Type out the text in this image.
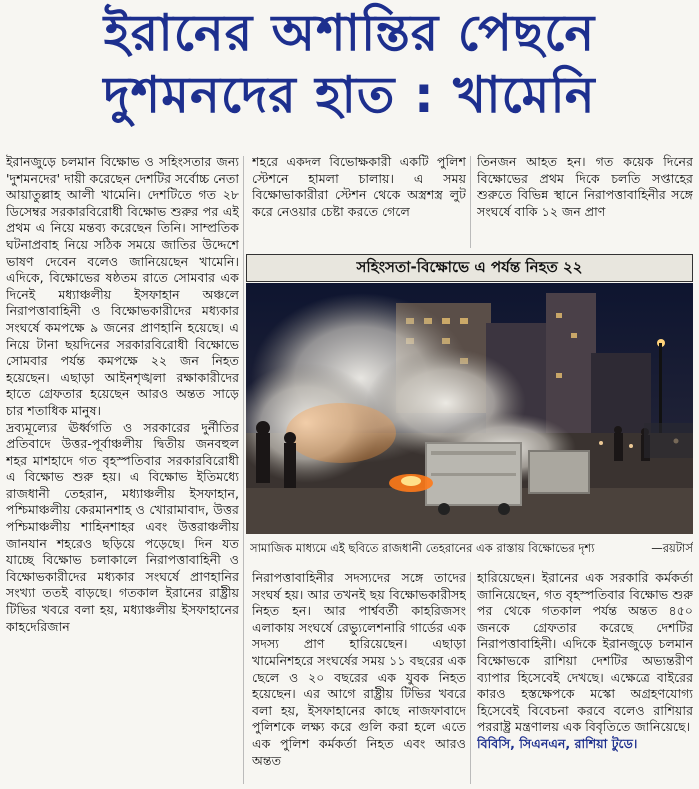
ইরানের অশান্তির পেছনে
দুশমনদের হাত : খামেনি

ইরানজুড়ে চলমান বিক্ষোভ ও সহিংসতার জন্য 'দুশমনদের' দায়ী করেছেন দেশটির সর্বোচ্চ নেতা আয়াতুল্লাহ আলী খামেনি। দেশটিতে গত ২৮ ডিসেম্বর সরকারবিরোধী বিক্ষোভ শুরুর পর এই প্রথম এ নিয়ে মন্তব্য করেছেন তিনি। সাম্প্রতিক ঘটনাপ্রবাহ নিয়ে সঠিক সময়ে জাতির উদ্দেশে ভাষণ দেবেন বলেও জানিয়েছেন খামেনি। এদিকে, বিক্ষোভের ষষ্ঠতম রাতে সোমবার এক দিনেই মধ্যাঞ্চলীয় ইসফাহান অঞ্চলে নিরাপত্তাবাহিনী ও বিক্ষোভকারীদের মধ্যকার সংঘর্ষে কমপক্ষে ৯ জনের প্রাণহানি হয়েছে। এ নিয়ে টানা ছয়দিনের সরকারবিরোধী বিক্ষোভে সোমবার পর্যন্ত কমপক্ষে ২২ জন নিহত হয়েছেন। এছাড়া আইনশৃঙ্খলা রক্ষাকারীদের হাতে গ্রেফতার হয়েছেন আরও অন্তত সাড়ে চার শতাধিক মানুষ।

দ্রব্যমূল্যের ঊর্ধ্বগতি ও সরকারের দুর্নীতির প্রতিবাদে উত্তর-পূর্বাঞ্চলীয় দ্বিতীয় জনবহুল শহর মাশহাদে গত বৃহস্পতিবার সরকারবিরোধী এ বিক্ষোভ শুরু হয়। এ বিক্ষোভ ইতিমধ্যে রাজধানী তেহরান, মধ্যাঞ্চলীয় ইসফাহান, পশ্চিমাঞ্চলীয় কেরমানশাহ ও খোরামাবাদ, উত্তর পশ্চিমাঞ্চলীয় শাহিনশাহর এবং উত্তরাঞ্চলীয় জানযান শহরেও ছড়িয়ে পড়েছে। দিন যত যাচ্ছে বিক্ষোভ চলাকালে নিরাপত্তাবাহিনী ও বিক্ষোভকারীদের মধ্যকার সংঘর্ষে প্রাণহানির সংখ্যা ততই বাড়ছে। গতকাল ইরানের রাষ্ট্রীয় টিভির খবরে বলা হয়, মধ্যাঞ্চলীয় ইসফাহানের কাহদেরিজান

শহরে একদল বিভোক্ষকারী একটি পুলিশ স্টেশনে হামলা চালায়। এ সময় বিক্ষোভাকারীরা স্টেশন থেকে অস্ত্রশস্ত্র লুট করে নেওয়ার চেষ্টা করতে গেলে

তিনজন আহত হন। গত কয়েক দিনের বিক্ষোভের প্রথম দিকে চলতি সপ্তাহের শুরুতে বিভিন্ন স্থানে নিরাপত্তাবাহিনীর সঙ্গে সংঘর্ষে বাকি ১২ জন প্রাণ

সহিংসতা-বিক্ষোভে এ পর্যন্ত নিহত ২২
সামাজিক মাধ্যমে এই ছবিতে রাজধানী তেহরানের এক রাস্তায় বিক্ষোভের দৃশ্য	—রয়টার্স

নিরাপত্তাবাহিনীর সদস্যদের সঙ্গে তাদের সংঘর্ষ হয়। আর তখনই ছয় বিক্ষোভকারীসহ নিহত হন। আর পার্শ্ববর্তী কাহরিজসং এলাকায় সংঘর্ষে রেভ্যুলেশনারি গার্ডের এক সদস্য প্রাণ হারিয়েছেন। এছাড়া খামেনিশহরে সংঘর্ষের সময় ১১ বছরের এক ছেলে ও ২০ বছরের এক যুবক নিহত হয়েছেন। এর আগে রাষ্ট্রীয় টিভির খবরে বলা হয়, ইসফাহানের কাছে নাজফাবাদে পুলিশকে লক্ষ্য করে গুলি করা হলে এতে এক পুলিশ কর্মকর্তা নিহত এবং আরও অন্তত

হারিয়েছেন। ইরানের এক সরকারি কর্মকর্তা জানিয়েছেন, গত বৃহস্পতিবার বিক্ষোভ শুরু পর থেকে গতকাল পর্যন্ত অন্তত ৪৫০ জনকে গ্রেফতার করেছে দেশটির নিরাপত্তাবাহিনী। এদিকে ইরানজুড়ে চলমান বিক্ষোভকে রাশিয়া দেশটির অভ্যন্তরীণ ব্যাপার হিসেবেই দেখছে। এক্ষেত্রে বাইরের কারও হস্তক্ষেপকে মস্কো অগ্রহণযোগ্য হিসেবেই বিবেচনা করবে বলেও রাশিয়ার পররাষ্ট্র মন্ত্রণালয় এক বিবৃতিতে জানিয়েছে।

বিবিসি, সিএনএন, রাশিয়া টুডে।
